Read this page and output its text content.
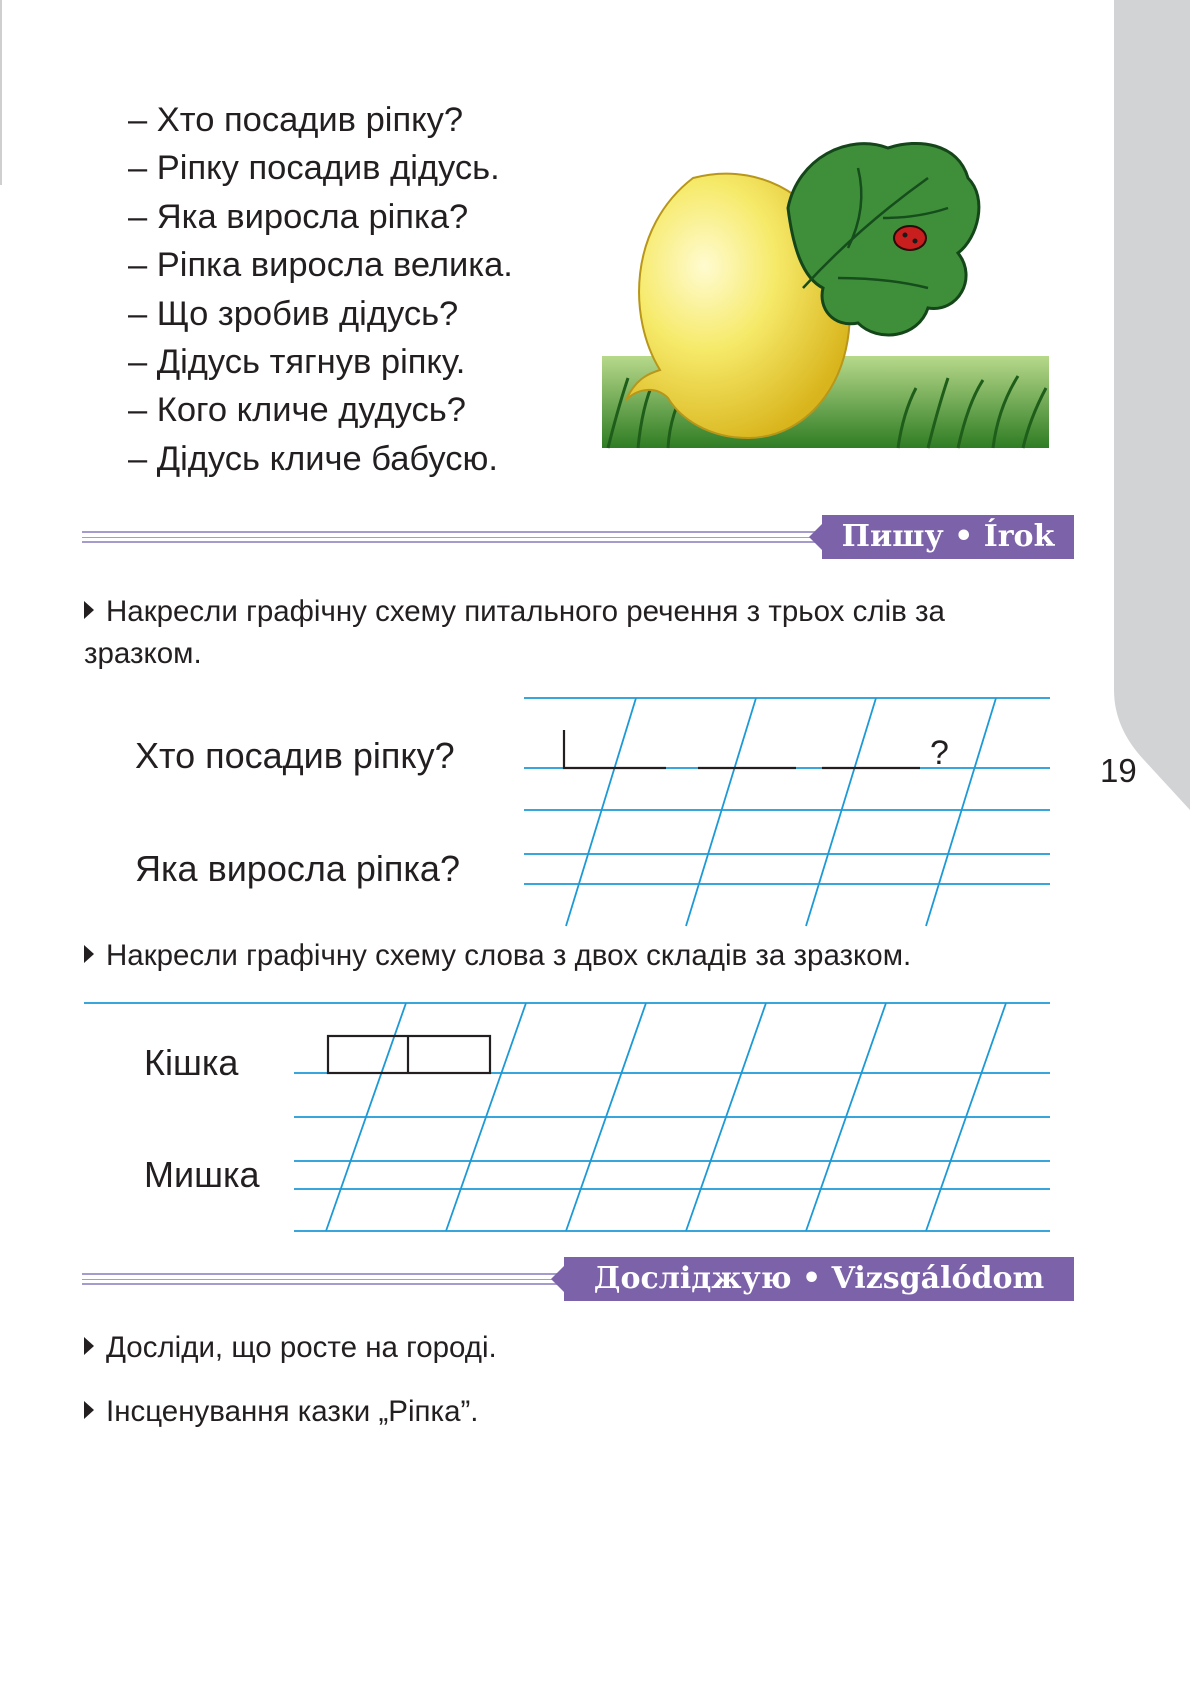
19
– Хто посадив ріпку?
– Ріпку посадив дідусь.
– Яка виросла ріпка?
– Ріпка виросла велика.
– Що зробив дідусь?
– Дідусь тягнув ріпку.
– Кого кличе дудусь?
– Дідусь кличе бабусю.
Пишу • Írok
Накресли графічну схему питального речення з трьох слів за зразком.
Хто посадив ріпку?
Яка виросла ріпка?
?
Накресли графічну схему слова з двох складів за зразком.
Кішка
Мишка
Досліджую • Vizsgálódom
Досліди, що росте на городі.
Інсценування казки „Ріпка”.
